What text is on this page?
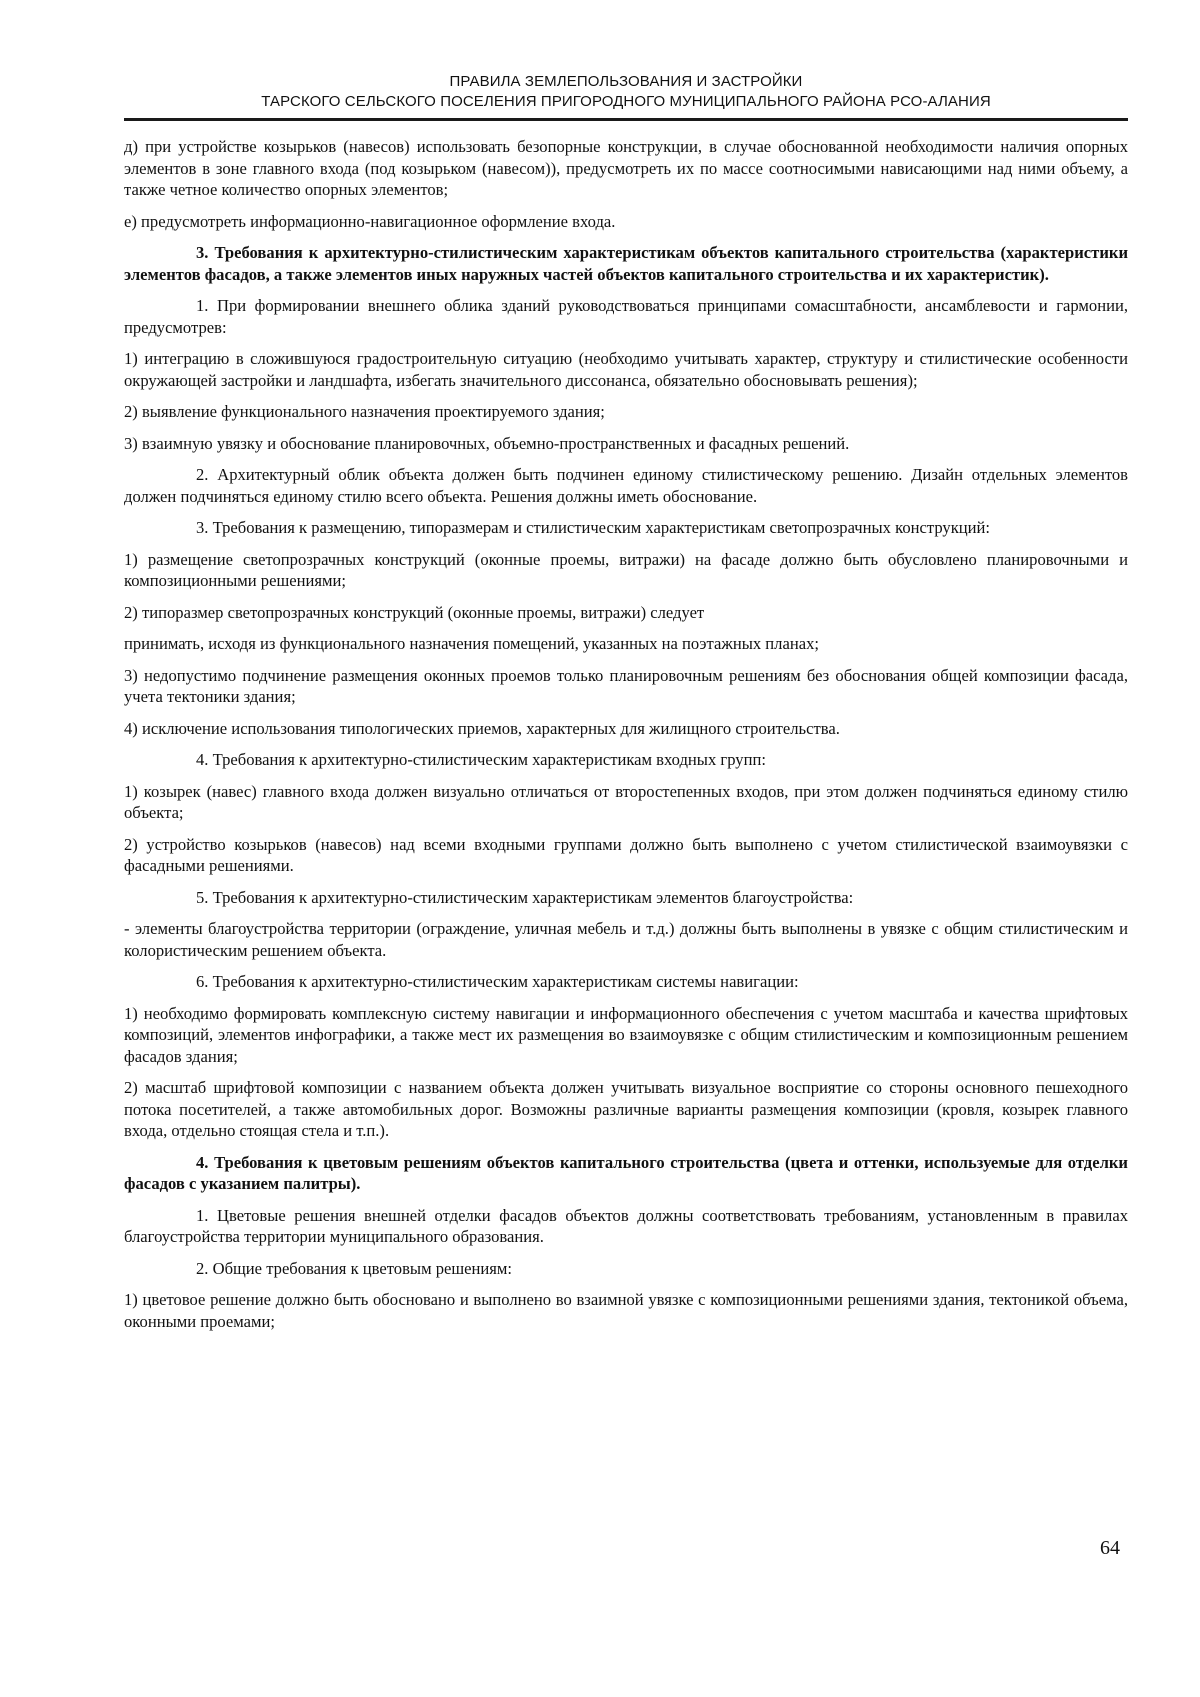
ПРАВИЛА ЗЕМЛЕПОЛЬЗОВАНИЯ И ЗАСТРОЙКИ
ТАРСКОГО СЕЛЬСКОГО ПОСЕЛЕНИЯ ПРИГОРОДНОГО МУНИЦИПАЛЬНОГО РАЙОНА РСО-АЛАНИЯ

д) при устройстве козырьков (навесов) использовать безопорные конструкции, в случае обоснованной необходимости наличия опорных элементов в зоне главного входа (под козырьком (навесом)), предусмотреть их по массе соотносимыми нависающими над ними объему, а также четное количество опорных элементов;

е) предусмотреть информационно-навигационное оформление входа.

3. Требования к архитектурно-стилистическим характеристикам объектов капитального строительства (характеристики элементов фасадов, а также элементов иных наружных частей объектов капитального строительства и их характеристик).

1. При формировании внешнего облика зданий руководствоваться принципами сомасштабности, ансамблевости и гармонии, предусмотрев:

1) интеграцию в сложившуюся градостроительную ситуацию (необходимо учитывать характер, структуру и стилистические особенности окружающей застройки и ландшафта, избегать значительного диссонанса, обязательно обосновывать решения);

2) выявление функционального назначения проектируемого здания;

3) взаимную увязку и обоснование планировочных, объемно-пространственных и фасадных решений.

2. Архитектурный облик объекта должен быть подчинен единому стилистическому решению. Дизайн отдельных элементов должен подчиняться единому стилю всего объекта. Решения должны иметь обоснование.

3. Требования к размещению, типоразмерам и стилистическим характеристикам светопрозрачных конструкций:

1) размещение светопрозрачных конструкций (оконные проемы, витражи) на фасаде должно быть обусловлено планировочными и композиционными решениями;

2) типоразмер светопрозрачных конструкций (оконные проемы, витражи) следует

принимать, исходя из функционального назначения помещений, указанных на поэтажных планах;

3) недопустимо подчинение размещения оконных проемов только планировочным решениям без обоснования общей композиции фасада, учета тектоники здания;

4) исключение использования типологических приемов, характерных для жилищного строительства.

4. Требования к архитектурно-стилистическим характеристикам входных групп:

1) козырек (навес) главного входа должен визуально отличаться от второстепенных входов, при этом должен подчиняться единому стилю объекта;

2) устройство козырьков (навесов) над всеми входными группами должно быть выполнено с учетом стилистической взаимоувязки с фасадными решениями.

5. Требования к архитектурно-стилистическим характеристикам элементов благоустройства:

- элементы благоустройства территории (ограждение, уличная мебель и т.д.) должны быть выполнены в увязке с общим стилистическим и колористическим решением объекта.

6. Требования к архитектурно-стилистическим характеристикам системы навигации:

1) необходимо формировать комплексную систему навигации и информационного обеспечения с учетом масштаба и качества шрифтовых композиций, элементов инфографики, а также мест их размещения во взаимоувязке с общим стилистическим и композиционным решением фасадов здания;

2) масштаб шрифтовой композиции с названием объекта должен учитывать визуальное восприятие со стороны основного пешеходного потока посетителей, а также автомобильных дорог. Возможны различные варианты размещения композиции (кровля, козырек главного входа, отдельно стоящая стела и т.п.).

4. Требования к цветовым решениям объектов капитального строительства (цвета и оттенки, используемые для отделки фасадов с указанием палитры).

1. Цветовые решения внешней отделки фасадов объектов должны соответствовать требованиям, установленным в правилах благоустройства территории муниципального образования.

2. Общие требования к цветовым решениям:

1) цветовое решение должно быть обосновано и выполнено во взаимной увязке с композиционными решениями здания, тектоникой объема, оконными проемами;

64
